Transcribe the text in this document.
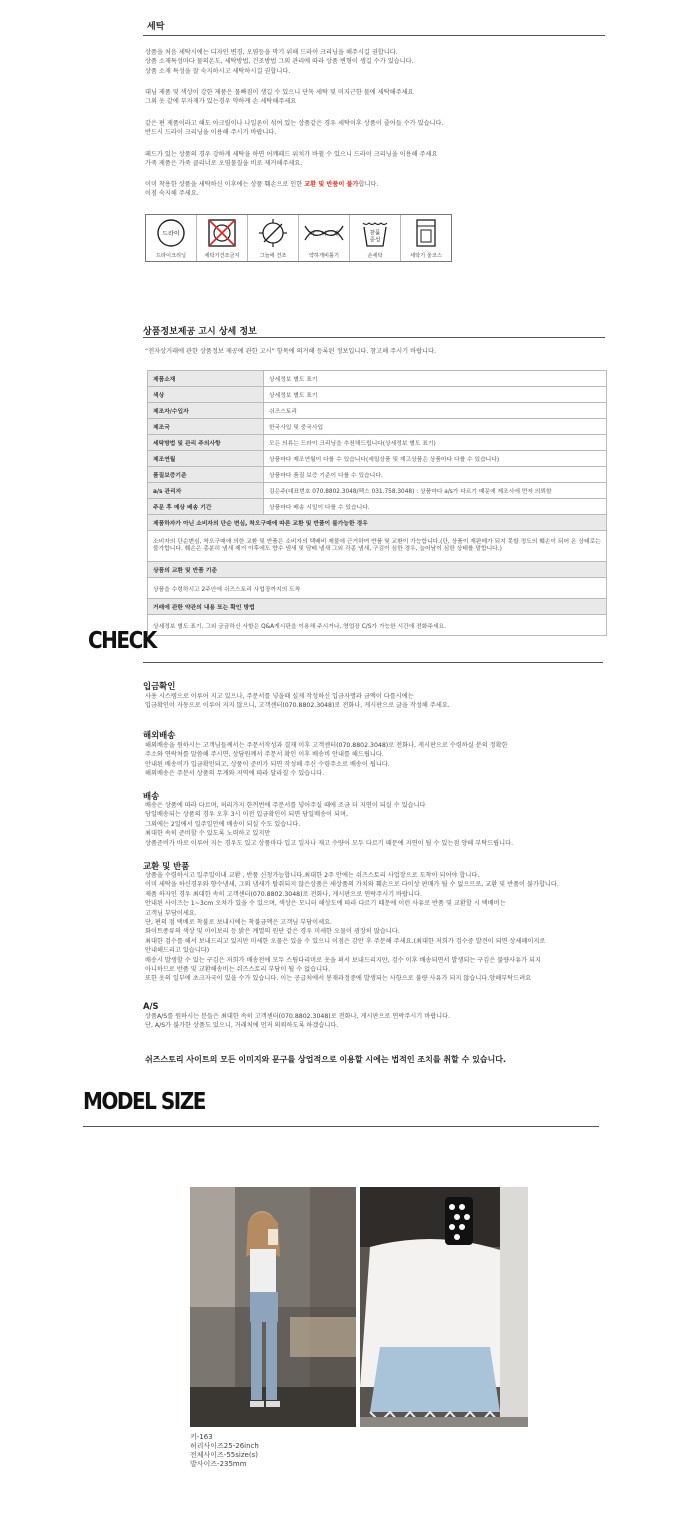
세탁
상품을 처음 세탁시에는 디자인 변경, 오염등을 막기 위해 드라이 크리닝을 해주시길 권합니다.
상품 소재특성마다 물의온도, 세탁방법, 건조방법 그외 관리에 따라 상품 변형이 생길 수가 있습니다.
상품 소재 특성을 잘 숙지하시고 세탁하시길 권합니다.
대님 제품 및 색상이 강한 제품은 물빠짐이 생길 수 있으니 단독 세탁 및 미지근한 물에 세탁해주세요
그외 옷 같에 부자재가 있는경우 약하게 손 세탁해주세요
같은 편 제품이라고 해도 아크릴이나 나일론이 섞여 있는 상품같은 경우 세탁이후 상품이 줄어들 수가 있습니다.
반드시 드라이 크리닝을 이용해 주시기 바랍니다.
패드가 있는 상품의 경우 강하게 세탁을 하면 어깨패드 위치가 바뀔 수 있으니 드라이 크리닝을 이용해 주세요
가죽 제품은 가죽 클리너로 오염물질을 비로 제거해주세요.
이미 착용한 상품을 세탁하신 이후에는 상품 훼손으로 인한 교환 및 반품이 불가합니다.
이점 숙지해 주세요.
드라이
드라이크리닝	세탁기건조금지	그늘에 건조
약 하 게
약하게비틀기
찬물
중성
손세탁	세탁기 울코스
상품정보제공 고시 상세 정보
“전자상거래에 관한 상품정보 제공에 관한 고시” 항목에 의거해 등록된 정보입니다. 참고해 주시기 바랍니다.
제품소재	상세정보 별도 표기
색상	상세정보 별도 표기
제조자/수입자	쉬즈스토리
제조국	한국사입 및 중국사입
세탁방법 및 관리 주의사항	모든 의류는 드라이 크리닝을 추천해드립니다(상세정보 별도 표기)
제조연월	상품마다 제조연월이 다를 수 있습니다(세일상품 및 재고상품은 상품마다 다를 수 있습니다)
품질보증기준	상품마다 품질 보증 기준이 다를 수 있습니다.
a/s 관리자	김은주(대표번호 070.8802.3048/팩스 031.758.3048) : 상품마다 a/s가 다르기 때문에 제조사에 먼저 의뢰함
주문 후 예상 배송 기간	상품마다 배송 시일이 다를 수 있습니다.
제품하자가 아닌 소비자의 단순 변심, 착오구매에 따른 교환 및 반품이 불가능한 경우	
소비자의 단순변심, 착오구매에 의한 교환 및 반품은 소비자의 택배비 제불에 근거하여 반품 및 교환이 가능합니다.(단, 상품이 재판매가 되지 못할 정도의 훼손이 되어 온 상태로는 불가합니다. 훼손은 총분히 냄새 제거 이후에도 향수 냄새 및 담배 냄새 그외 각종 냄새, 구김이 심한 경우, 늘어남이 심한 상태를 말합니다.)	
상품의 교환 및 반품 기준	
상품을 수령하시고 2주안에 쉬즈스토리 사업장까지의 도착	
거래에 관한 약관의 내용 또는 확인 방법	
상세정보 별도 표기. 그외 궁금하신 사항은 Q&A게시판을 이용해 주시거나, 영업장 C/S가 가능한 시간에 전화주세요.	
CHECK
입금확인
사용 시스템으로 이루어 지고 있으나, 주문서를 넣을때 실제 작성하신 입금자명과 금액이 다를시에는
입금확인이 자동으로 이루어 지지 않으니, 고객센터(070.8802.3048)로 전화나, 게시판으로 글을 작성해 주세요.
해외배송
해외배송을 원하시는 고객님들께서는 주문서작성과 결재 이후 고객센터(070.8802.3048)로 전화나, 게시판으로 수령하실 분의 정확한
주소와 연락처를 말씀해 주시면, 상담원께서 주문서 확인 이후 배송비 안내를 해드립니다.
안내된 배송비가 입금확인되고, 상품이 준비가 되면 작성해 주신 수령주소로 배송이 됩니다.
해외배송은 주문서 상품의 무게와 지역에 따라 달라질 수 있습니다.
배송
배송은 상품에 따라 다르며, 허리가지 한꺼번에 주문서를 넣어주실 때에 조금 더 지연이 되실 수 있습니다
당일배송되는 상품의 경우 오후 3시 이전 입금확인이 되면 당일배송이 되며,
그외에는 2일에서 일주일안에 배송이 되실 수도 있습니다.
최대한 속히 준비할 수 있도록 노력하고 있지만
상품준비가 바로 이루어 지는 경우도 있고 상품마다 입고 일자나 재고 수량이 모두 다르기 때문에 지연이 될 수 있는점 양해 부탁드립니다.
교환 및 반품
상품을 수령하시고 일주일이내 교환 , 반품 신청가능합니다.최대한 2주 안에는 쉬즈스토리 사업장으로 도착이 되어야 합니다.
이미 세탁을 하신경우와 향수냄새, 그외 냄새가 탈취되지 않은상품은 새상품의 가치와 훼손으로 다이상 판매가 될 수 없으므로, 교환 및 반품이 불가합니다.
제품 하자인 경우 최대한 속히 고객센터(070.8802.3048)로 전화나, 게시판으로 연락주시기 바랍니다.
안내된 사이즈는 1~3cm 오차가 있을 수 있으며, 색상은 모니터 해상도에 따라 다르기 때문에 이런 사유로 반품 및 교환할 시 택배비는
고객님 부담이세요.
단, 편의 점 택배로 착불로 보내시에는 착불금액은 고객님 부담이세요.
화이트종류의 색상 및 아이보리 등 밝은 계열의 원단 같은 경우 미세한 오물이 굉장히 많습니다.
최대한 검수를 해서 보내드리고 있지만 미세한 오물은 있을 수 있으니 이점은 감안 후 주문해 주세요.(최대한 저희가 검수중 발견이 되면 상세페이지로
안내해드리고 있습니다)
배송시 발생할 수 있는 구김은 저희가 배송전에 모두 스팀다리머로 옷을 펴서 보내드리지만, 검수 이후 배송되면서 발생되는 구김은 불량사유가 되지
아니하므로 반품 및 교환해송비는 쉬즈스토리 부담이 될 수 없습니다.
또한 옷의 일부에 초크자국이 있을 수가 있습니다. 이는 공급처에서 봉재과정중에 발생되는 사항으로 불량 사유가 되지 않습니다.양해부탁드려요
A/S
상품A/S를 원하시는 분들은 최대한 속히 고객센터(070.8802.3048)로 전화나, 게시판으로 연락주시기 바랍니다.
단, A/S가 불가한 상품도 있으니, 거래처에 먼저 의뢰하도록 하겠습니다.
쉬즈스토리 사이트의 모든 이미지와 문구를 상업적으로 이용할 시에는 법적인 조치를 취할 수 있습니다.
MODEL SIZE
키-163
허리사이즈25-26inch
전체사이즈-55size(s)
발사이즈-235mm
